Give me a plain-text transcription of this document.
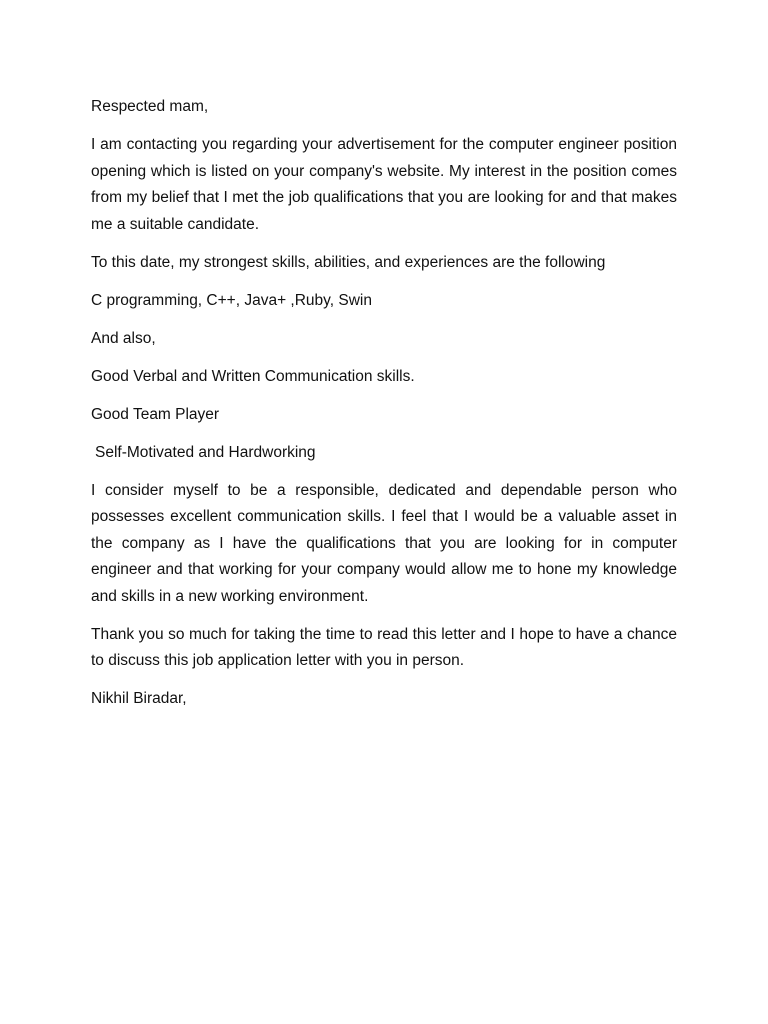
Respected mam,

I am contacting you regarding your advertisement for the computer engineer position opening which is listed on your company's website. My interest in the position comes from my belief that I met the job qualifications that you are looking for and that makes me a suitable candidate.

To this date, my strongest skills, abilities, and experiences are the following

C programming, C++, Java+ ,Ruby, Swin

And also,

Good Verbal and Written Communication skills.

Good Team Player

Self-Motivated and Hardworking

I consider myself to be a responsible, dedicated and dependable person who possesses excellent communication skills. I feel that I would be a valuable asset in the company as I have the qualifications that you are looking for in computer engineer and that working for your company would allow me to hone my knowledge and skills in a new working environment.

Thank you so much for taking the time to read this letter and I hope to have a chance to discuss this job application letter with you in person.

Nikhil Biradar,
